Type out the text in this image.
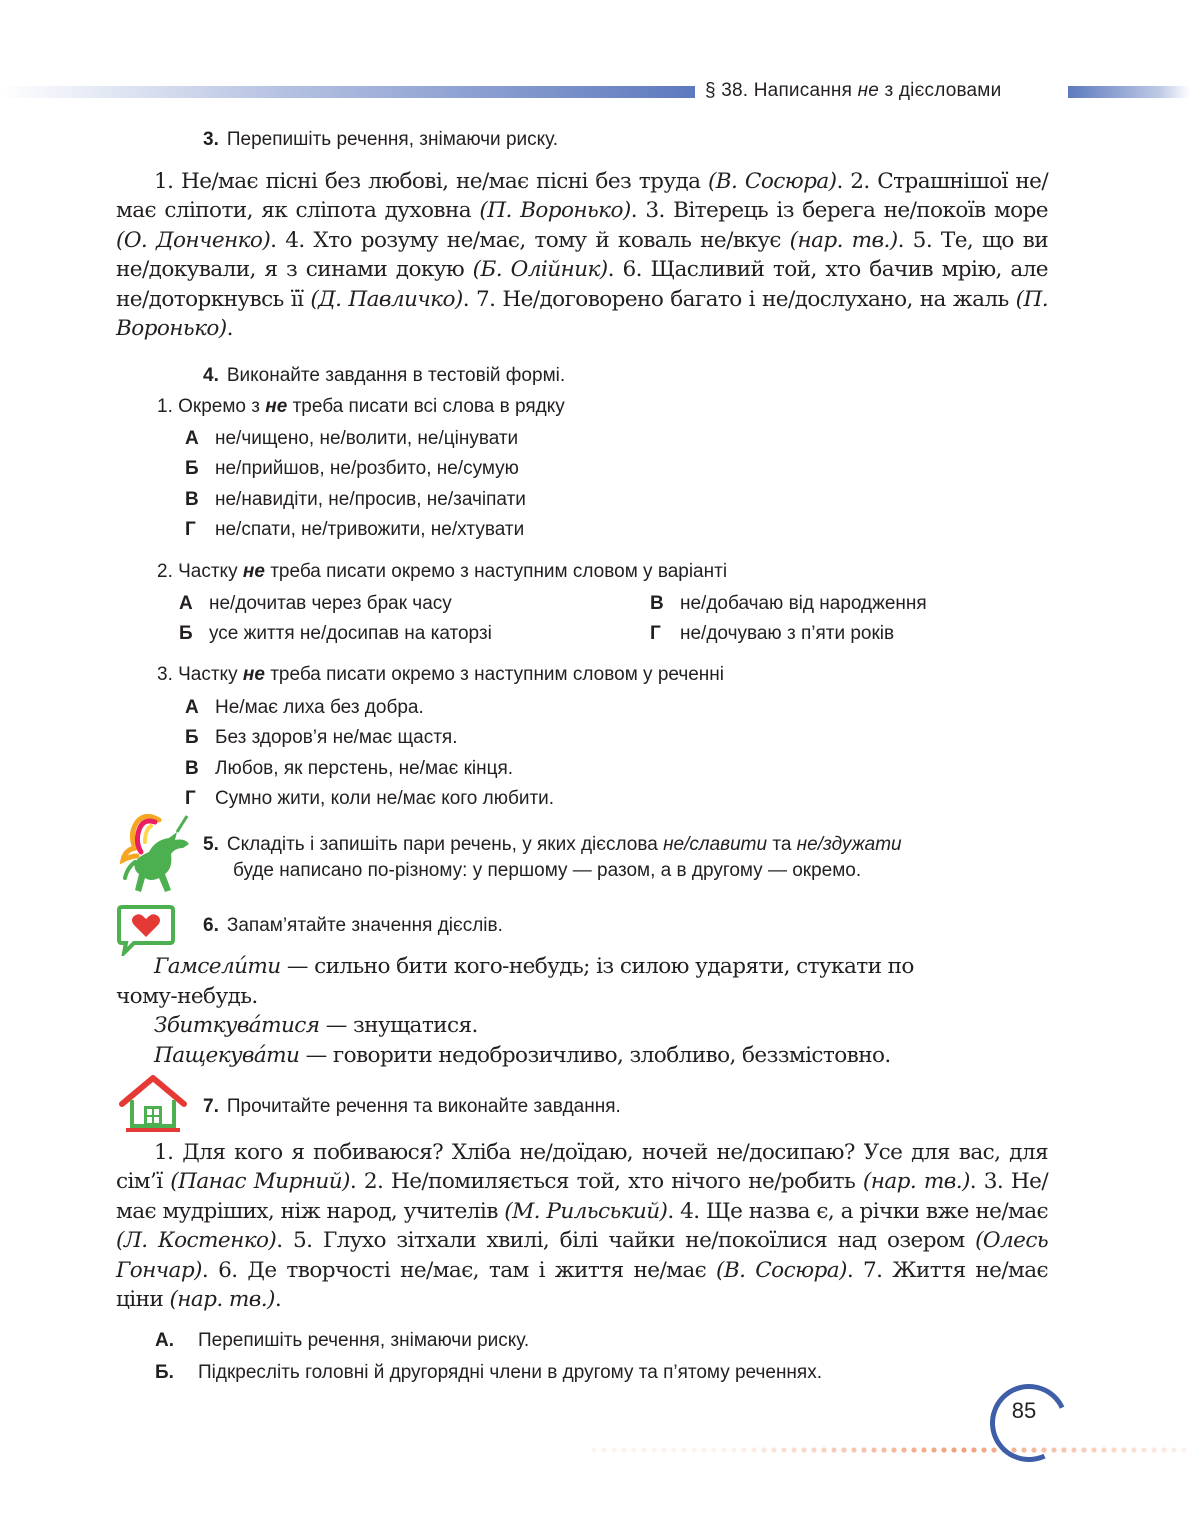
§ 38. Написання не з дієсловами
3. Перепишіть речення, знімаючи риску.

1. Не/має пісні без любові, не/має пісні без труда (В. Сосюра). 2. Страшнішої не/має сліпоти, як сліпота духовна (П. Воронько). 3. Вітерець із берега не/покоїв море (О. Донченко). 4. Хто розуму не/має, тому й коваль не/вкує (нар. тв.). 5. Те, що ви не/докували, я з синами докую (Б. Олійник). 6. Щасливий той, хто бачив мрію, але не/доторкнувсь її (Д. Павличко). 7. Не/договорено багато і не/дослухано, на жаль (П. Воронько).

4. Виконайте завдання в тестовій формі.
1. Окремо з не треба писати всі слова в рядку
А не/чищено, не/волити, не/цінувати
Б не/прийшов, не/розбито, не/сумую
В не/навидіти, не/просив, не/зачіпати
Г не/спати, не/тривожити, не/хтувати
2. Частку не треба писати окремо з наступним словом у варіанті
А не/дочитав через брак часу
Б усе життя не/досипав на каторзі
В не/добачаю від народження
Г не/дочуваю з п’яти років
3. Частку не треба писати окремо з наступним словом у реченні
А Не/має лиха без добра.
Б Без здоров’я не/має щастя.
В Любов, як перстень, не/має кінця.
Г Сумно жити, коли не/має кого любити.
5. Складіть і запишіть пари речень, у яких дієслова не/славити та не/здужати
буде написано по-різному: у першому — разом, а в другому — окремо.
6. Запам’ятайте значення дієслів.

Гамсели́ти — сильно бити кого-небудь; із силою ударяти, стукати по

чому-небудь.

Збиткува́тися — знущатися.

Пащекува́ти — говорити недоброзичливо, злобливо, беззмістовно.

7. Прочитайте речення та виконайте завдання.

1. Для кого я побиваюся? Хліба не/доїдаю, ночей не/досипаю? Усе для вас, для сім’ї (Панас Мирний). 2. Не/помиляється той, хто нічого не/робить (нар. тв.). 3. Не/має мудріших, ніж народ, учителів (М. Рильський). 4. Ще назва є, а річки вже не/має (Л. Костенко). 5. Глухо зітхали хвилі, білі чайки не/покоїлися над озером (Олесь Гончар). 6. Де творчості не/має, там і життя не/має (В. Сосюра). 7. Життя не/має ціни (нар. тв.).

А. Перепишіть речення, знімаючи риску.
Б. Підкресліть головні й другорядні члени в другому та п’ятому реченнях.
85
